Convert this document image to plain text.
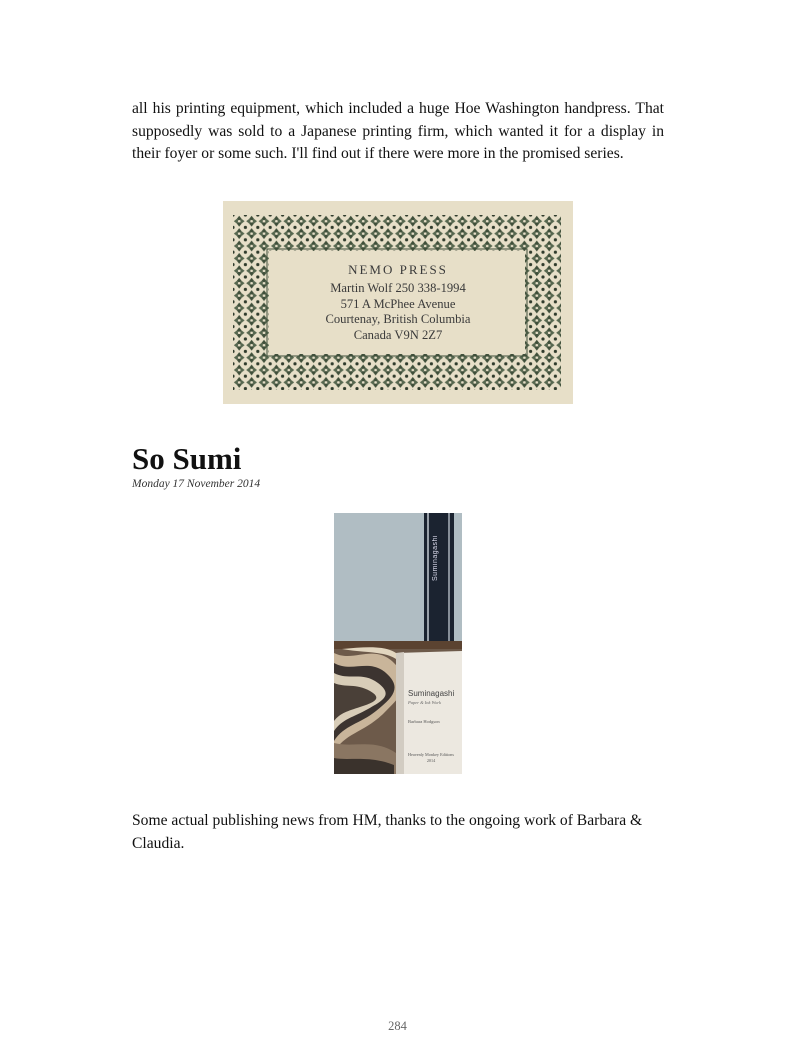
all his printing equipment, which included a huge Hoe Washington handpress. That supposedly was sold to a Japanese printing firm, which wanted it for a display in their foyer or some such. I'll find out if there were more in the promised series.

NEMO PRESS
Martin Wolf 250 338-1994
571 A McPhee Avenue
Courtenay, British Columbia
Canada V9N 2Z7
So Sumi

Monday 17 November 2014

Suminagashi
Suminagashi
Paper & Ink Work
Barbara Hodgson
Heavenly Monkey Editions
2014

Some actual publishing news from HM, thanks to the ongoing work of Barbara & Claudia.

284
